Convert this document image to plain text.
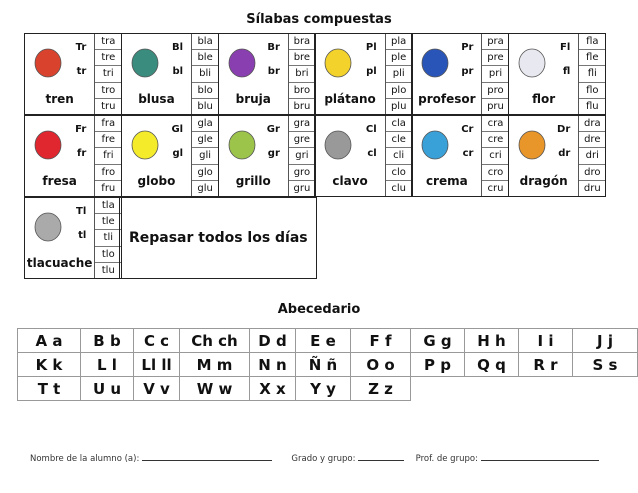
Sílabas compuestas
Tr
tr
tren
tra
tre
tri
tro
tru
Bl
bl
blusa
bla
ble
bli
blo
blu
Br
br
bruja
bra
bre
bri
bro
bru
Pl
pl
plátano
pla
ple
pli
plo
plu
Pr
pr
profesor
pra
pre
pri
pro
pru
Fl
fl
flor
fla
fle
fli
flo
flu
Fr
fr
fresa
fra
fre
fri
fro
fru
Gl
gl
globo
gla
gle
gli
glo
glu
Gr
gr
grillo
gra
gre
gri
gro
gru
Cl
cl
clavo
cla
cle
cli
clo
clu
Cr
cr
crema
cra
cre
cri
cro
cru
Dr
dr
dragón
dra
dre
dri
dro
dru
Tl
tl
tlacuache
tla
tle
tli
tlo
tlu
Repasar todos los días
Abecedario
A a	B b	C c	Ch ch	D d	E e	F f	G g	H h	I i	J j
K k	L l	Ll ll	M m	N n	Ñ ñ	O o	P p	Q q	R r	S s
T t	U u	V v	W w	X x	Y y	Z z				
Nombre de la alumno (a):	Grado y grupo:	Prof. de grupo:
